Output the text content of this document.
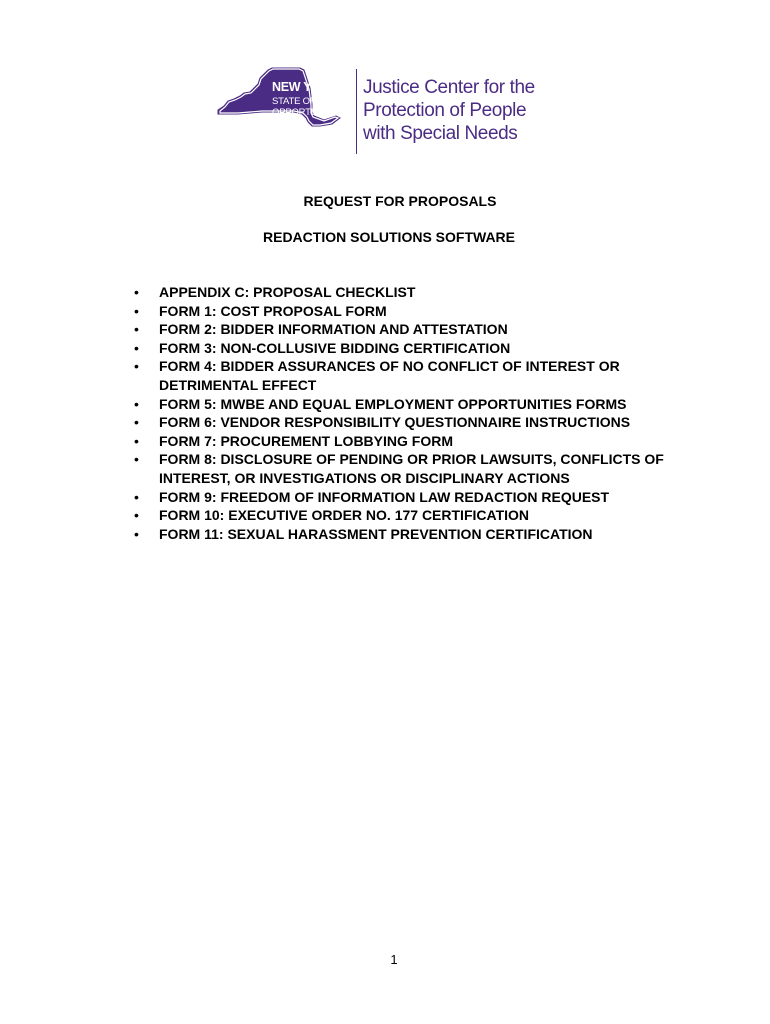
NEW YORK
STATE OF
OPPORTUNITY.
Justice Center for the
Protection of People
with Special Needs
REQUEST FOR PROPOSALS
REDACTION SOLUTIONS SOFTWARE
• APPENDIX C: PROPOSAL CHECKLIST
• FORM 1: COST PROPOSAL FORM
• FORM 2: BIDDER INFORMATION AND ATTESTATION
• FORM 3: NON-COLLUSIVE BIDDING CERTIFICATION
• FORM 4: BIDDER ASSURANCES OF NO CONFLICT OF INTEREST OR
DETRIMENTAL EFFECT
• FORM 5: MWBE AND EQUAL EMPLOYMENT OPPORTUNITIES FORMS
• FORM 6: VENDOR RESPONSIBILITY QUESTIONNAIRE INSTRUCTIONS
• FORM 7: PROCUREMENT LOBBYING FORM
• FORM 8: DISCLOSURE OF PENDING OR PRIOR LAWSUITS, CONFLICTS OF
INTEREST, OR INVESTIGATIONS OR DISCIPLINARY ACTIONS
• FORM 9: FREEDOM OF INFORMATION LAW REDACTION REQUEST
• FORM 10: EXECUTIVE ORDER NO. 177 CERTIFICATION
• FORM 11: SEXUAL HARASSMENT PREVENTION CERTIFICATION
1
